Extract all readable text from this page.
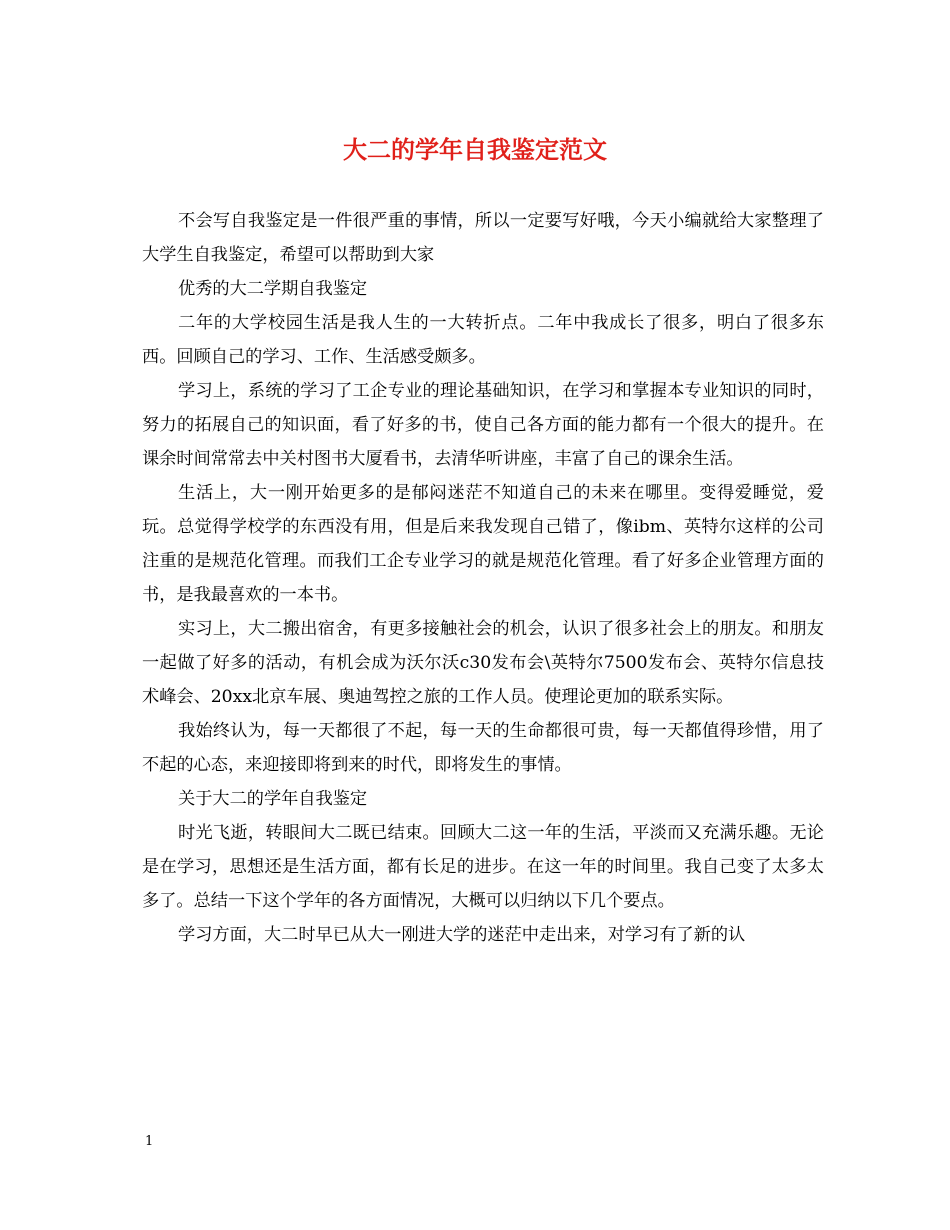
大二的学年自我鉴定范文

不会写自我鉴定是一件很严重的事情，所以一定要写好哦，今天小编就给大家整理了大学生自我鉴定，希望可以帮助到大家

优秀的大二学期自我鉴定

二年的大学校园生活是我人生的一大转折点。二年中我成长了很多，明白了很多东西。回顾自己的学习、工作、生活感受颇多。

学习上，系统的学习了工企专业的理论基础知识，在学习和掌握本专业知识的同时，努力的拓展自己的知识面，看了好多的书，使自己各方面的能力都有一个很大的提升。在课余时间常常去中关村图书大厦看书，去清华听讲座，丰富了自己的课余生活。

生活上，大一刚开始更多的是郁闷迷茫不知道自己的未来在哪里。变得爱睡觉，爱玩。总觉得学校学的东西没有用，但是后来我发现自己错了，像ibm、英特尔这样的公司注重的是规范化管理。而我们工企专业学习的就是规范化管理。看了好多企业管理方面的书，是我最喜欢的一本书。

实习上，大二搬出宿舍，有更多接触社会的机会，认识了很多社会上的朋友。和朋友一起做了好多的活动，有机会成为沃尔沃c30发布会\英特尔7500发布会、英特尔信息技术峰会、20xx北京车展、奥迪驾控之旅的工作人员。使理论更加的联系实际。

我始终认为，每一天都很了不起，每一天的生命都很可贵，每一天都值得珍惜，用了不起的心态，来迎接即将到来的时代，即将发生的事情。

关于大二的学年自我鉴定

时光飞逝，转眼间大二既已结束。回顾大二这一年的生活，平淡而又充满乐趣。无论是在学习，思想还是生活方面，都有长足的进步。在这一年的时间里。我自己变了太多太多了。总结一下这个学年的各方面情况，大概可以归纳以下几个要点。

学习方面，大二时早已从大一刚进大学的迷茫中走出来，对学习有了新的认

1
